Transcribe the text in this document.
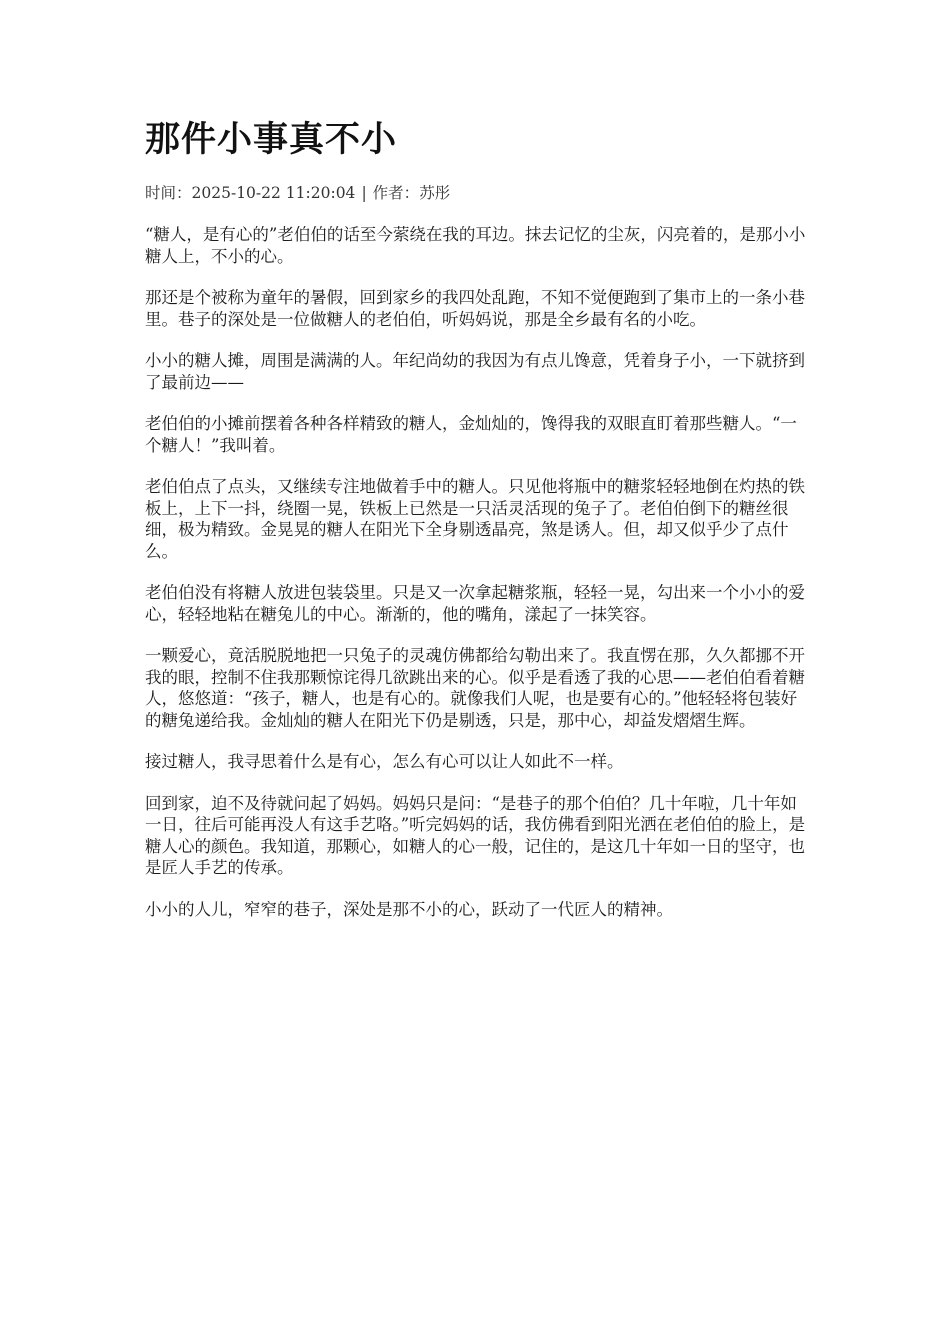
那件小事真不小
时间：2025-10-22 11:20:04 | 作者：苏彤

“糖人，是有心的”老伯伯的话至今萦绕在我的耳边。抹去记忆的尘灰，闪亮着的，是那小小糖人上，不小的心。

那还是个被称为童年的暑假，回到家乡的我四处乱跑，不知不觉便跑到了集市上的一条小巷里。巷子的深处是一位做糖人的老伯伯，听妈妈说，那是全乡最有名的小吃。

小小的糖人摊，周围是满满的人。年纪尚幼的我因为有点儿馋意，凭着身子小，一下就挤到了最前边——

老伯伯的小摊前摆着各种各样精致的糖人，金灿灿的，馋得我的双眼直盯着那些糖人。“一个糖人！”我叫着。

老伯伯点了点头，又继续专注地做着手中的糖人。只见他将瓶中的糖浆轻轻地倒在灼热的铁板上，上下一抖，绕圈一晃，铁板上已然是一只活灵活现的兔子了。老伯伯倒下的糖丝很细，极为精致。金晃晃的糖人在阳光下全身剔透晶亮，煞是诱人。但，却又似乎少了点什么。

老伯伯没有将糖人放进包装袋里。只是又一次拿起糖浆瓶，轻轻一晃，勾出来一个小小的爱心，轻轻地粘在糖兔儿的中心。渐渐的，他的嘴角，漾起了一抹笑容。

一颗爱心，竟活脱脱地把一只兔子的灵魂仿佛都给勾勒出来了。我直愣在那，久久都挪不开我的眼，控制不住我那颗惊诧得几欲跳出来的心。似乎是看透了我的心思——老伯伯看着糖人，悠悠道：“孩子，糖人，也是有心的。就像我们人呢，也是要有心的。”他轻轻将包装好的糖兔递给我。金灿灿的糖人在阳光下仍是剔透，只是，那中心，却益发熠熠生辉。

接过糖人，我寻思着什么是有心，怎么有心可以让人如此不一样。

回到家，迫不及待就问起了妈妈。妈妈只是问：“是巷子的那个伯伯？几十年啦，几十年如一日，往后可能再没人有这手艺咯。”听完妈妈的话，我仿佛看到阳光洒在老伯伯的脸上，是糖人心的颜色。我知道，那颗心，如糖人的心一般，记住的，是这几十年如一日的坚守，也是匠人手艺的传承。

小小的人儿，窄窄的巷子，深处是那不小的心，跃动了一代匠人的精神。
